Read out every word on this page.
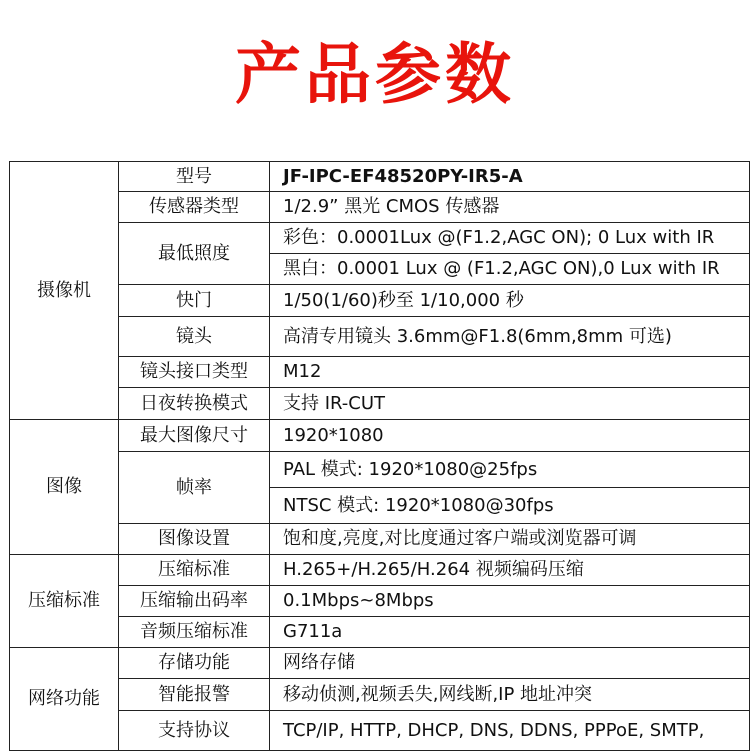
产品参数
摄像机	型号	JF-IPC-EF48520PY-IR5-A
	传感器类型	1/2.9” 黑光 CMOS 传感器
	最低照度	彩色：0.0001Lux @(F1.2,AGC ON); 0 Lux with IR
		黑白：0.0001 Lux @ (F1.2,AGC ON),0 Lux with IR
	快门	1/50(1/60)秒至 1/10,000 秒
	镜头	高清专用镜头 3.6mm@F1.8(6mm,8mm 可选)
	镜头接口类型	M12
	日夜转换模式	支持 IR-CUT
图像	最大图像尺寸	1920*1080
	帧率	PAL 模式: 1920*1080@25fps
		NTSC 模式: 1920*1080@30fps
	图像设置	饱和度,亮度,对比度通过客户端或浏览器可调
压缩标准	压缩标准	H.265+/H.265/H.264 视频编码压缩
	压缩输出码率	0.1Mbps~8Mbps
	音频压缩标准	G711a
网络功能	存储功能	网络存储
	智能报警	移动侦测,视频丢失,网线断,IP 地址冲突
	支持协议	TCP/IP, HTTP, DHCP, DNS, DDNS, PPPoE, SMTP,
